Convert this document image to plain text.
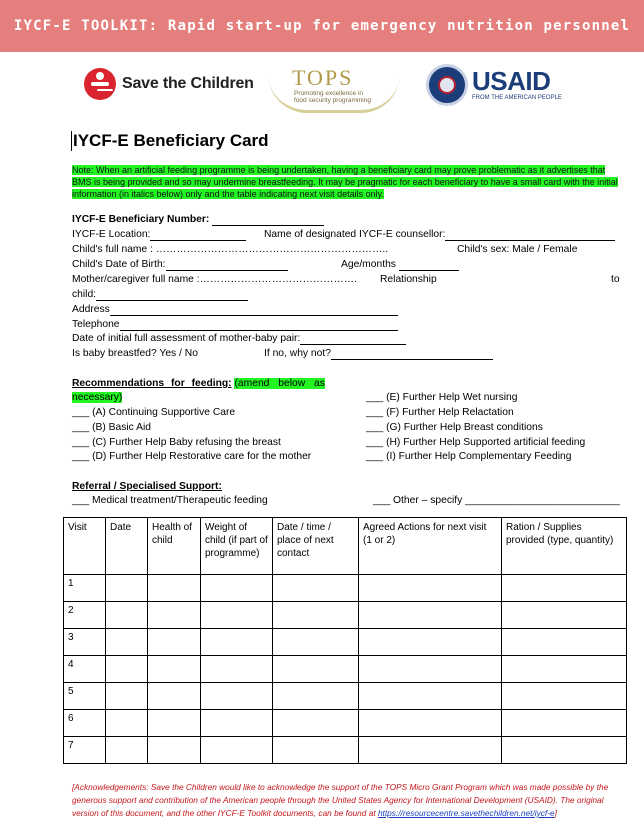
IYCF-E TOOLKIT: Rapid start-up for emergency nutrition personnel
Save the Children TOPS
Promoting excellence in
food security programming
USAID
FROM THE AMERICAN PEOPLE
IYCF-E Beneficiary Card
Note: When an artificial feeding programme is being undertaken, having a beneficiary card may prove problematic as it advertises that BMS is being provided and so may undermine breastfeeding. It may be pragmatic for each beneficiary to have a small card with the initial information (in italics below) only and the table indicating next visit details only.
IYCF-E Beneficiary Number:
IYCF-E Location:	Name of designated IYCF-E counsellor:
Child's full name : …………………………………………………………..	Child's sex: Male / Female
Child's Date of Birth:	Age/months
Mother/caregiver full name :………………………………………. Relationship	to
child:
Address
Telephone
Date of initial full assessment of mother-baby pair:
Is baby breastfed? Yes / No	If no, why not?
Recommendations for feeding: (amend below as
necessary)
___ (A) Continuing Supportive Care
___ (B) Basic Aid
___ (C) Further Help Baby refusing the breast
___ (D) Further Help Restorative care for the mother
___ (E) Further Help Wet nursing
___ (F) Further Help Relactation
___ (G) Further Help Breast conditions
___ (H) Further Help Supported artificial feeding
___ (I) Further Help Complementary Feeding
Referral / Specialised Support:
___ Medical treatment/Therapeutic feeding	___ Other – specify ___________________________
Visit	Date	Health of child	Weight of child (if part of programme)	Date / time / place of next contact	Agreed Actions for next visit (1 or 2)	Ration / Supplies provided (type, quantity)
1						
2						
3						
4						
5						
6						
7						
[Acknowledgements: Save the Children would like to acknowledge the support of the TOPS Micro Grant Program which was made possible by the generous support and contribution of the American people through the United States Agency for International Development (USAID). The original version of this document, and the other IYCF-E Toolkit documents, can be found at https://resourcecentre.savethechildren.net/iycf-e]
